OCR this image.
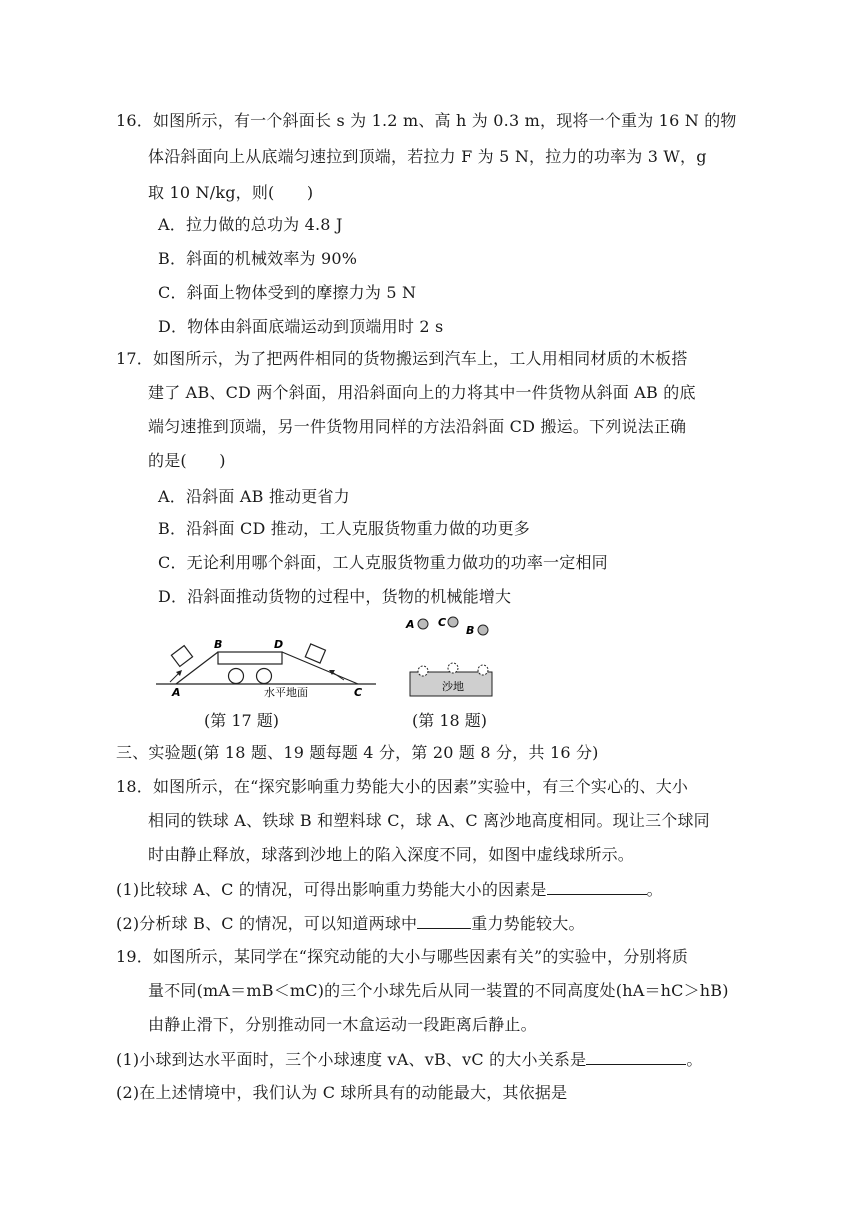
16．如图所示，有一个斜面长 s 为 1.2 m、高 h 为 0.3 m，现将一个重为 16 N 的物
体沿斜面向上从底端匀速拉到顶端，若拉力 F 为 5 N，拉力的功率为 3 W，g
取 10 N/kg，则(　　)
A．拉力做的总功为 4.8 J
B．斜面的机械效率为 90%
C．斜面上物体受到的摩擦力为 5 N
D．物体由斜面底端运动到顶端用时 2 s
17．如图所示，为了把两件相同的货物搬运到汽车上，工人用相同材质的木板搭
建了 AB、CD 两个斜面，用沿斜面向上的力将其中一件货物从斜面 AB 的底
端匀速推到顶端，另一件货物用同样的方法沿斜面 CD 搬运。下列说法正确
的是(　　)
A．沿斜面 AB 推动更省力
B．沿斜面 CD 推动，工人克服货物重力做的功更多
C．无论利用哪个斜面，工人克服货物重力做功的功率一定相同
D．沿斜面推动货物的过程中，货物的机械能增大
A
B	D
C
水平地面
(第 17 题)
A C
B
沙地
(第 18 题)
三、实验题(第 18 题、19 题每题 4 分，第 20 题 8 分，共 16 分)
18．如图所示，在“探究影响重力势能大小的因素”实验中，有三个实心的、大小
相同的铁球 A、铁球 B 和塑料球 C，球 A、C 离沙地高度相同。现让三个球同
时由静止释放，球落到沙地上的陷入深度不同，如图中虚线球所示。
(1)比较球 A、C 的情况，可得出影响重力势能大小的因素是	。
(2)分析球 B、C 的情况，可以知道两球中	重力势能较大。
19．如图所示，某同学在“探究动能的大小与哪些因素有关”的实验中，分别将质
量不同(mA＝mB＜mC)的三个小球先后从同一装置的不同高度处(hA＝hC＞hB)
由静止滑下，分别推动同一木盒运动一段距离后静止。
(1)小球到达水平面时，三个小球速度 vA、vB、vC 的大小关系是	。
(2)在上述情境中，我们认为 C 球所具有的动能最大，其依据是
